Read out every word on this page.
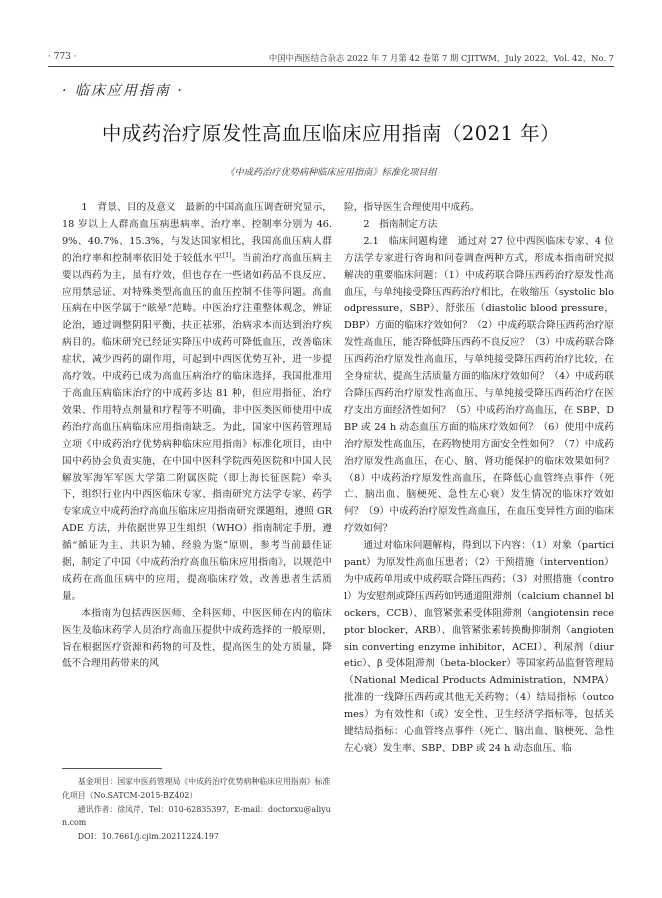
· 773 ·	中国中西医结合杂志 2022 年 7 月第 42 卷第 7 期 CJITWM，July 2022，Vol. 42，No. 7
· 临床应用指南 ·
中成药治疗原发性高血压临床应用指南（2021 年）
《中成药治疗优势病种临床应用指南》标准化项目组

1　背景、目的及意义　最新的中国高血压调查研究显示，18 岁以上人群高血压病患病率、治疗率、控制率分别为 46.9%、40.7%、15.3%，与发达国家相比，我国高血压病人群的治疗率和控制率依旧处于较低水平[1]。当前治疗高血压病主要以西药为主，虽有疗效，但也存在一些诸如药品不良反应、应用禁忌证、对特殊类型高血压的血压控制不佳等问题。高血压病在中医学属于“眩晕”范畴。中医治疗注重整体观念，辨证论治，通过调整阴阳平衡，扶正祛邪，治病求本而达到治疗疾病目的。临床研究已经证实降压中成药可降低血压，改善临床症状，减少西药的副作用，可起到中西医优势互补，进一步提高疗效。中成药已成为高血压病治疗的临床选择，我国批准用于高血压病临床治疗的中成药多达 81 种，但应用指征、治疗效果、作用特点剂量和疗程等不明确，非中医类医师使用中成药治疗高血压病临床应用指南缺乏。为此，国家中医药管理局立项《中成药治疗优势病种临床应用指南》标准化项目，由中国中药协会负责实施，在中国中医科学院西苑医院和中国人民解放军海军军医大学第二附属医院（即上海长征医院）牵头下，组织行业内中西医临床专家、指南研究方法学专家、药学专家成立中成药治疗高血压临床应用指南研究课题组，遵照 GRADE 方法，并依据世界卫生组织（WHO）指南制定手册，遵循“循证为主、共识为辅、经验为鉴”原则，参考当前最佳证据，制定了中国《中成药治疗高血压临床应用指南》，以规范中成药在高血压病中的应用，提高临床疗效，改善患者生活质量。

本指南为包括西医医师、全科医师、中医医师在内的临床医生及临床药学人员治疗高血压提供中成药选择的一般原则，旨在根据医疗资源和药物的可及性，提高医生的处方质量，降低不合理用药带来的风

险，指导医生合理使用中成药。

2　指南制定方法

2.1　临床问题构建　通过对 27 位中西医临床专家、4 位方法学专家进行咨询和问卷调查两种方式，形成本指南研究拟解决的重要临床问题：（1）中成药联合降压西药治疗原发性高血压，与单纯接受降压西药治疗相比，在收缩压（systolic bloodpressure，SBP）、舒张压（diastolic blood pressure，DBP）方面的临床疗效如何？（2）中成药联合降压西药治疗原发性高血压，能否降低降压西药不良反应？（3）中成药联合降压西药治疗原发性高血压，与单纯接受降压西药治疗比较，在全身症状、提高生活质量方面的临床疗效如何？（4）中成药联合降压西药治疗原发性高血压、与单纯接受降压西药治疗在医疗支出方面经济性如何？（5）中成药治疗高血压，在 SBP、DBP 或 24 h 动态血压方面的临床疗效如何？（6）使用中成药治疗原发性高血压，在药物使用方面安全性如何？（7）中成药治疗原发性高血压，在心、脑、肾功能保护的临床效果如何？（8）中成药治疗原发性高血压，在降低心血管终点事件（死亡、脑出血、脑梗死、急性左心衰）发生情况的临床疗效如何？（9）中成药治疗原发性高血压，在血压变异性方面的临床疗效如何？

通过对临床问题解构，得到以下内容：（1）对象（participant）为原发性高血压患者；（2）干预措施（intervention）为中成药单用或中成药联合降压西药；（3）对照措施（control）为安慰剂或降压西药如钙通道阻滞剂（calcium channel blockers，CCB）、血管紧张素受体阻滞剂（angiotensin receptor blocker，ARB）、血管紧张素转换酶抑制剂（angiotensin converting enzyme inhibitor，ACEI）、利尿剂（diuretic）、β 受体阻滞剂（beta-blocker）等国家药品监督管理局（National Medical Products Administration，NMPA）批准的一线降压西药或其他无关药物；（4）结局指标（outcomes）为有效性和（或）安全性、卫生经济学指标等，包括关键结局指标：心血管终点事件（死亡、脑出血、脑梗死、急性左心衰）发生率、SBP、DBP 或 24 h 动态血压、临

基金项目：国家中医药管理局《中成药治疗优势病种临床应用指南》标准化项目（No.SATCM-2015-BZ402）

通讯作者：徐凤芹，Tel：010-62835397，E-mail：doctorxu@aliyun.com

DOI：10.7661/j.cjim.20211224.197
